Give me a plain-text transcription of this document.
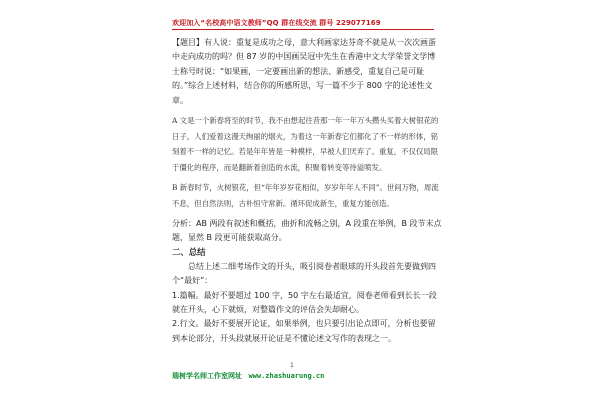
欢迎加入“名校高中语文教师”QQ 群在线交流 群号 229077169

【题目】有人说：重复是成功之母，意大利画家达芬奇不就是从一次次画蛋中走向成功的吗？但 87 岁的中国画吴冠中先生在香港中文大学荣誉文学博士称号时说：“如果画，一定要画出新的想法、新感受，重复自己是可耻的。”综合上述材料，结合你的所感所思，写一篇不少于 800 字的论述性文章。

A 文是一个新春将至的时节，我不由想起往昔那一年一年万头攒头买着大树银花的日子。人们爱着这漫天绚丽的烟火，为着这一年新春它们都化了不一样的形体，铭刻着不一样的记忆。若是年年皆是一种模样，早被人们厌弃了。重复，不仅仅局限于僵化的程序，而是翻新着创造的水流，积聚着转变等待溢喷发。

B 新春时节，火树银花，但“年年岁岁花相似，岁岁年年人不同”。世间万物，周流不息，但自然法则，古朴恒守常新。循环促成新生，重复方能创造。

分析：AB 两段有叙述和概括，曲折和流畅之别，A 段重在举例，B 段节末点题，显然 B 段更可能获取高分。

二、总结

总结上述二细考场作文的开头，吸引阅卷者眼球的开头段首先要做到四个“最好”：

1.篇幅。最好不要超过 100 字，50 字左右最适宜，阅卷老师看到长长一段就在开头，心下就烦，对整篇作文的评估会失却耐心。

2.行文。最好不要展开论证，如果举例，也只要引出论点即可，分析也要留到本论部分，开头段就展开论证是不懂论述文写作的表现之一。

1
瑞树学名师工作室网址 www.zhashuarung.cn
